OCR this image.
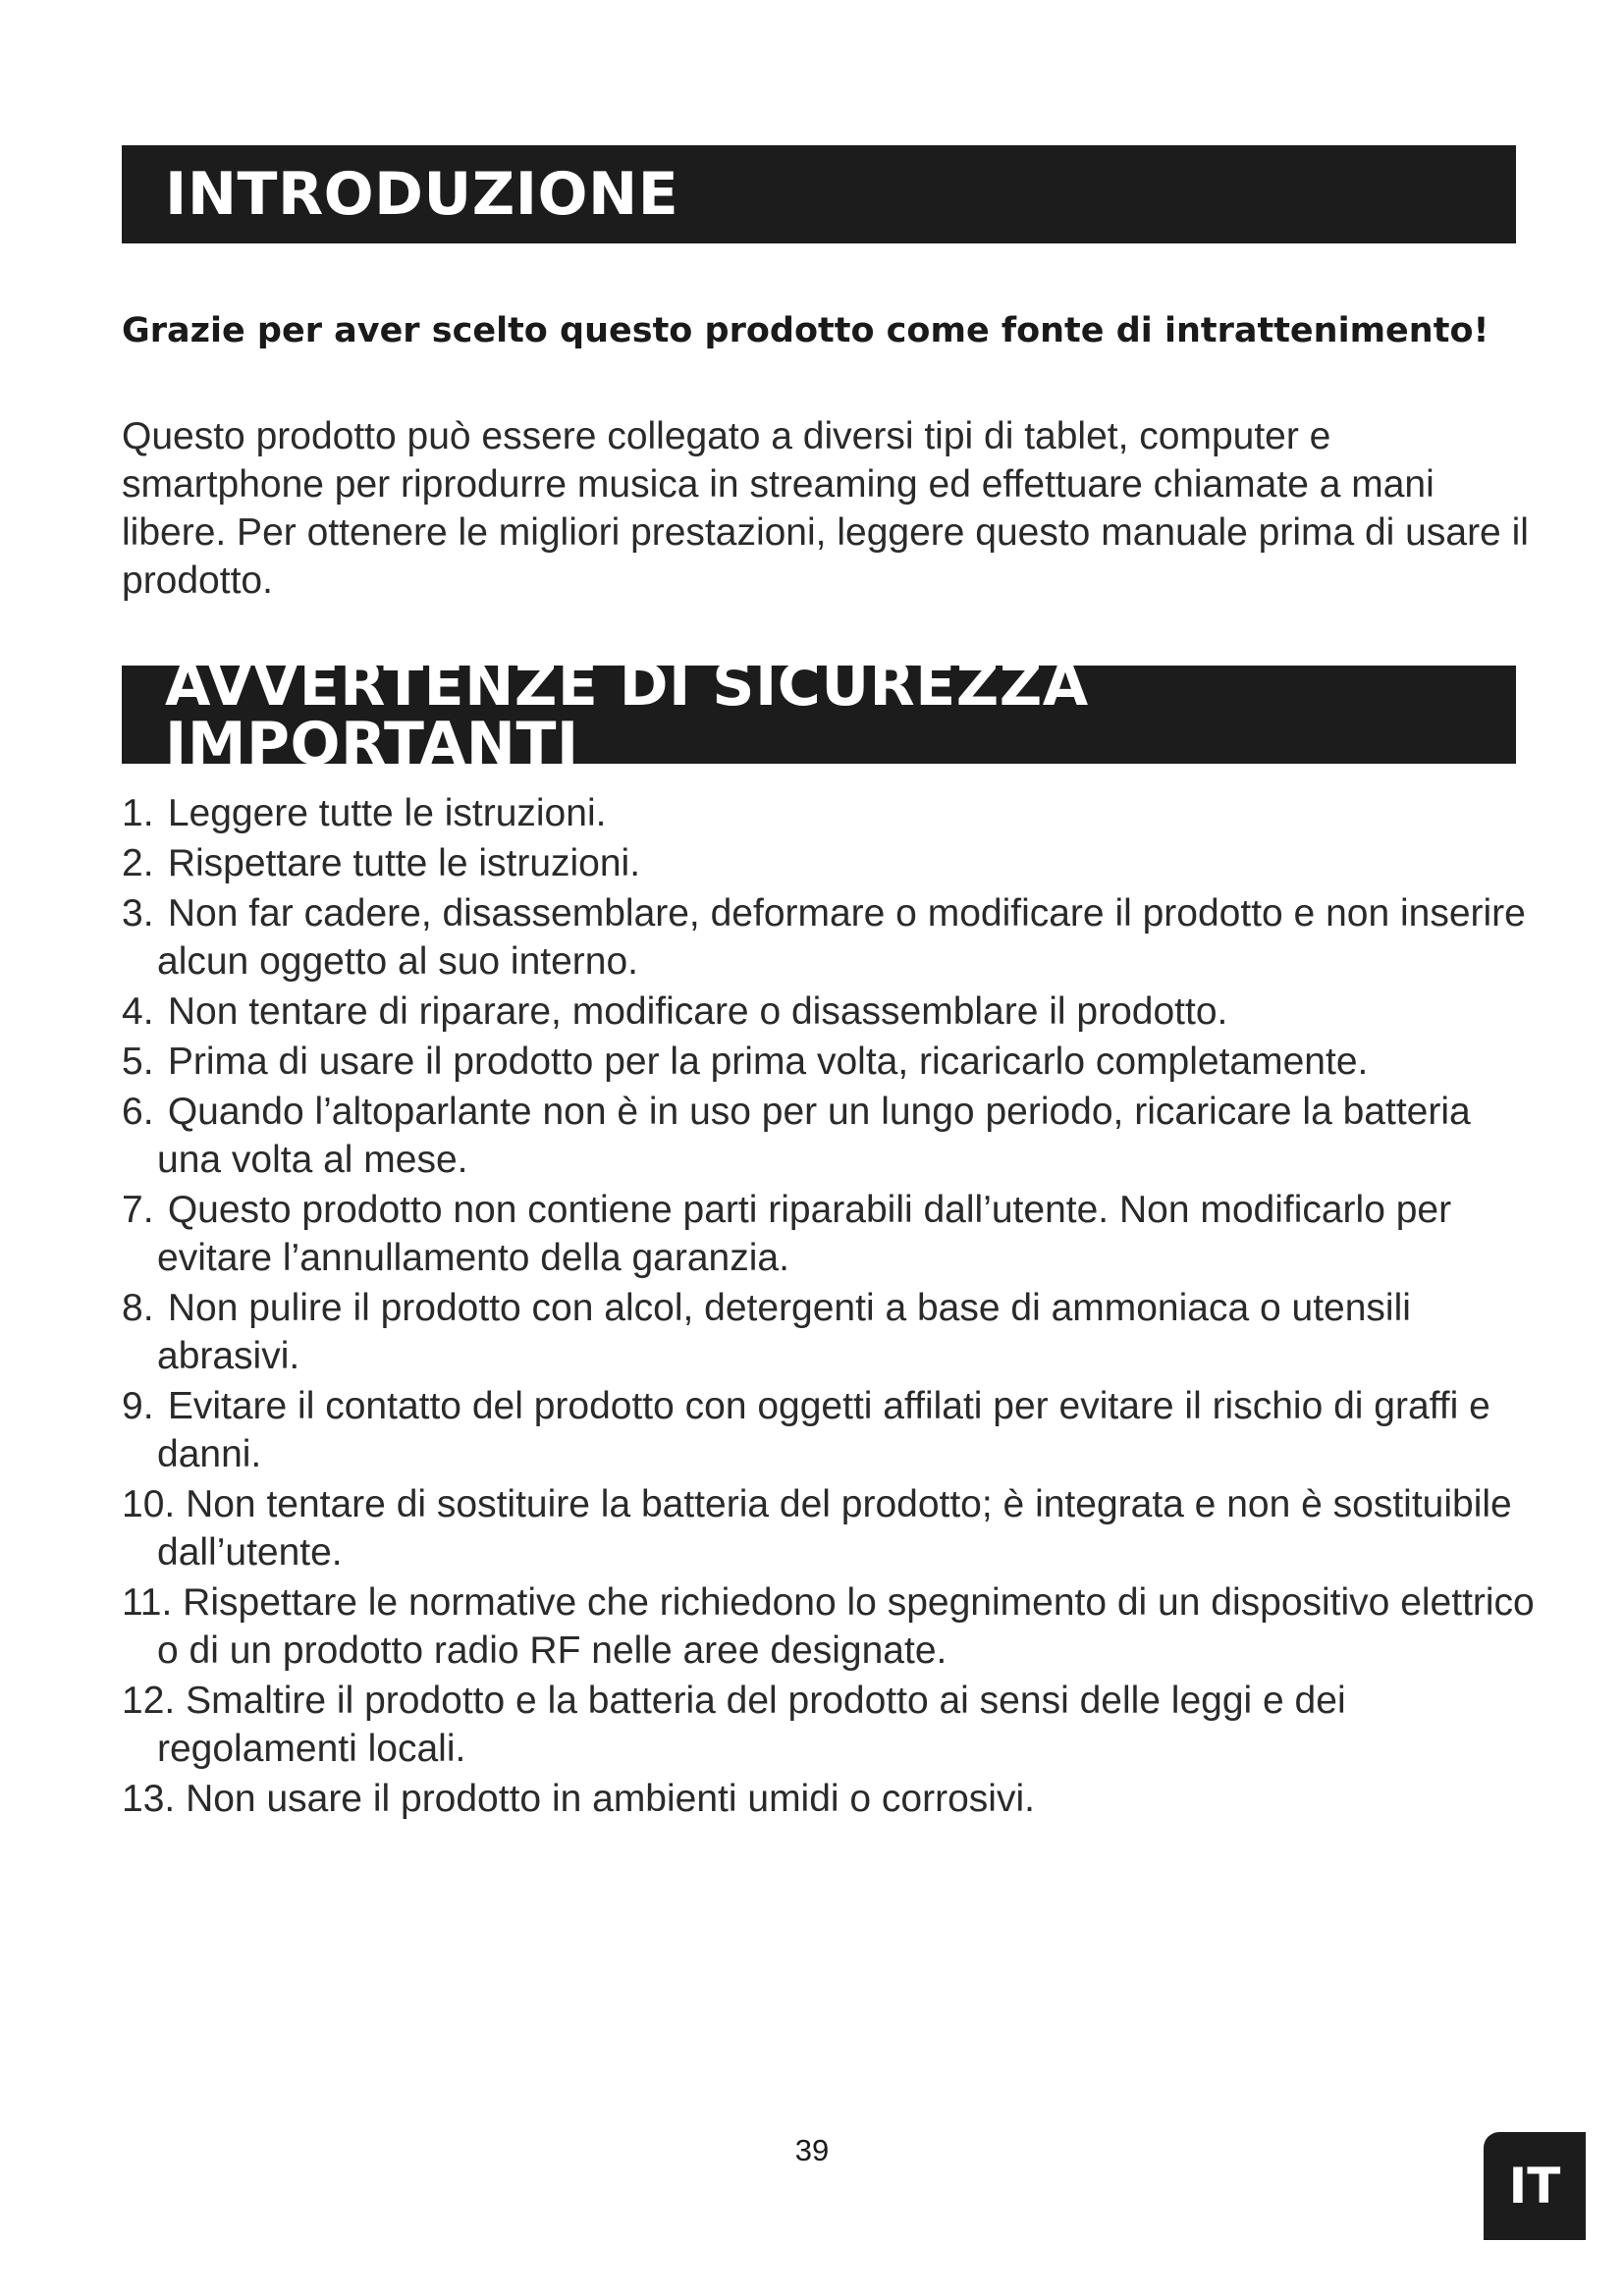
INTRODUZIONE
Grazie per aver scelto questo prodotto come fonte di intrattenimento!

Questo prodotto può essere collegato a diversi tipi di tablet, computer e smartphone per riprodurre musica in streaming ed effettuare chiamate a mani libere. Per ottenere le migliori prestazioni, leggere questo manuale prima di usare il prodotto.

AVVERTENZE DI SICUREZZA IMPORTANTI
1. Leggere tutte le istruzioni.
2. Rispettare tutte le istruzioni.
3. Non far cadere, disassemblare, deformare o modificare il prodotto e non inserire alcun oggetto al suo interno.
4. Non tentare di riparare, modificare o disassemblare il prodotto.
5. Prima di usare il prodotto per la prima volta, ricaricarlo completamente.
6. Quando l’altoparlante non è in uso per un lungo periodo, ricaricare la batteria una volta al mese.
7. Questo prodotto non contiene parti riparabili dall’utente. Non modificarlo per evitare l’annullamento della garanzia.
8. Non pulire il prodotto con alcol, detergenti a base di ammoniaca o utensili abrasivi.
9. Evitare il contatto del prodotto con oggetti affilati per evitare il rischio di graffi e danni.
10. Non tentare di sostituire la batteria del prodotto; è integrata e non è sostituibile dall’utente.
11. Rispettare le normative che richiedono lo spegnimento di un dispositivo elettrico o di un prodotto radio RF nelle aree designate.
12. Smaltire il prodotto e la batteria del prodotto ai sensi delle leggi e dei regolamenti locali.
13. Non usare il prodotto in ambienti umidi o corrosivi.
39
IT
